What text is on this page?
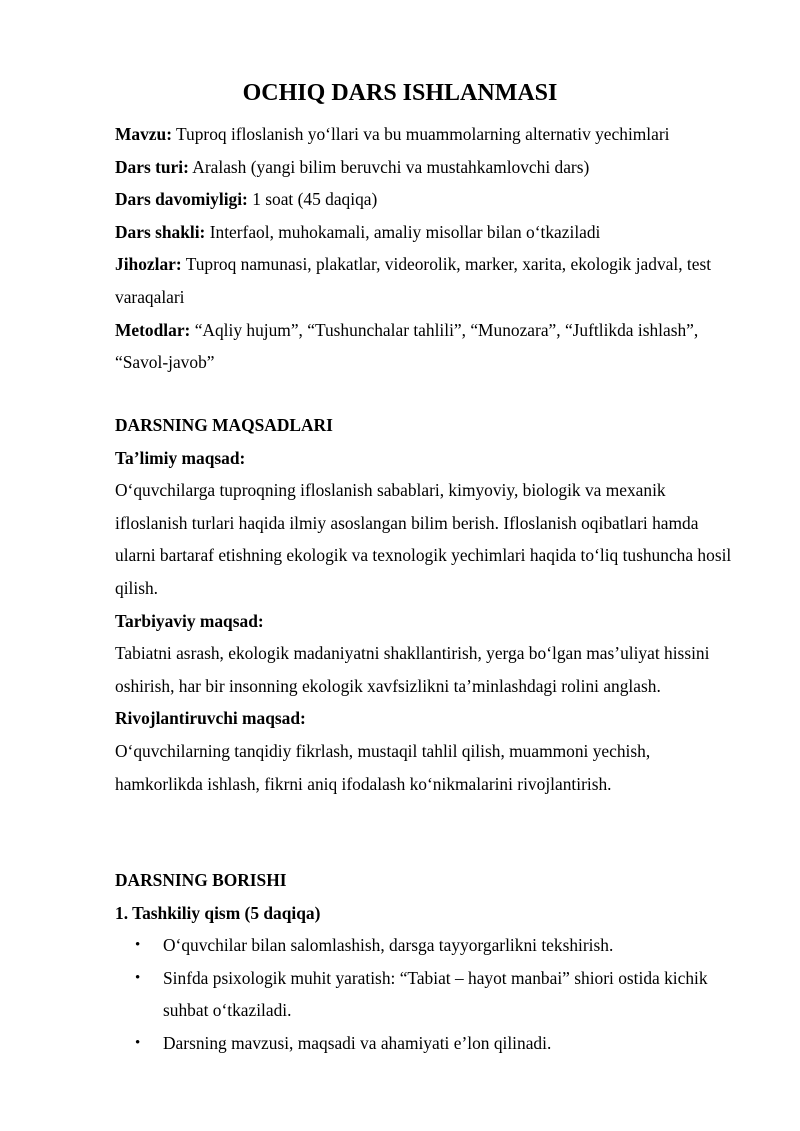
OCHIQ DARS ISHLANMASI

Mavzu: Tuproq ifloslanish yoʻllari va bu muammolarning alternativ yechimlari

Dars turi: Aralash (yangi bilim beruvchi va mustahkamlovchi dars)

Dars davomiyligi: 1 soat (45 daqiqa)

Dars shakli: Interfaol, muhokamali, amaliy misollar bilan oʻtkaziladi

Jihozlar: Tuproq namunasi, plakatlar, videorolik, marker, xarita, ekologik jadval, test varaqalari

Metodlar: “Aqliy hujum”, “Tushunchalar tahlili”, “Munozara”, “Juftlikda ishlash”, “Savol-javob”

DARSNING MAQSADLARI

Taʼlimiy maqsad:

Oʻquvchilarga tuproqning ifloslanish sabablari, kimyoviy, biologik va mexanik ifloslanish turlari haqida ilmiy asoslangan bilim berish. Ifloslanish oqibatlari hamda ularni bartaraf etishning ekologik va texnologik yechimlari haqida toʻliq tushuncha hosil qilish.

Tarbiyaviy maqsad:

Tabiatni asrash, ekologik madaniyatni shakllantirish, yerga boʻlgan masʼuliyat hissini oshirish, har bir insonning ekologik xavfsizlikni taʼminlashdagi rolini anglash.

Rivojlantiruvchi maqsad:

Oʻquvchilarning tanqidiy fikrlash, mustaqil tahlil qilish, muammoni yechish, hamkorlikda ishlash, fikrni aniq ifodalash koʻnikmalarini rivojlantirish.

DARSNING BORISHI

1. Tashkiliy qism (5 daqiqa)

• Oʻquvchilar bilan salomlashish, darsga tayyorgarlikni tekshirish.
• Sinfda psixologik muhit yaratish: “Tabiat – hayot manbai” shiori ostida kichik suhbat oʻtkaziladi.
• Darsning mavzusi, maqsadi va ahamiyati eʼlon qilinadi.
